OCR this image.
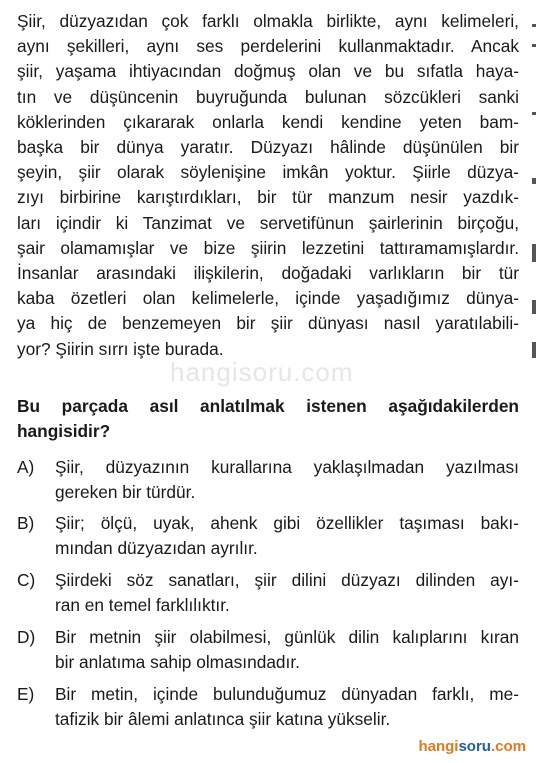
Şiir, düzyazıdan çok farklı olmakla birlikte, aynı kelimeleri,
aynı şekilleri, aynı ses perdelerini kullanmaktadır. Ancak
şiir, yaşama ihtiyacından doğmuş olan ve bu sıfatla haya-
tın ve düşüncenin buyruğunda bulunan sözcükleri sanki
köklerinden çıkararak onlarla kendi kendine yeten bam-
başka bir dünya yaratır. Düzyazı hâlinde düşünülen bir
şeyin, şiir olarak söylenişine imkân yoktur. Şiirle düzya-
zıyı birbirine karıştırdıkları, bir tür manzum nesir yazdık-
ları içindir ki Tanzimat ve servetifünun şairlerinin birçoğu,
şair olamamışlar ve bize şiirin lezzetini tattıramamışlardır.
İnsanlar arasındaki ilişkilerin, doğadaki varlıkların bir tür
kaba özetleri olan kelimelerle, içinde yaşadığımız dünya-
ya hiç de benzemeyen bir şiir dünyası nasıl yaratılabili-
yor? Şiirin sırrı işte burada.
hangisoru.com
Bu parçada asıl anlatılmak istenen aşağıdakilerden
hangisidir?
A)	Şiir, düzyazının kurallarına yaklaşılmadan yazılması
gereken bir türdür.
B)	Şiir; ölçü, uyak, ahenk gibi özellikler taşıması bakı-
mından düzyazıdan ayrılır.
C)	Şiirdeki söz sanatları, şiir dilini düzyazı dilinden ayı-
ran en temel farklılıktır.
D)	Bir metnin şiir olabilmesi, günlük dilin kalıplarını kıran
bir anlatıma sahip olmasındadır.
E)	Bir metin, içinde bulunduğumuz dünyadan farklı, me-
tafizik bir âlemi anlatınca şiir katına yükselir.
hangisoru.com
